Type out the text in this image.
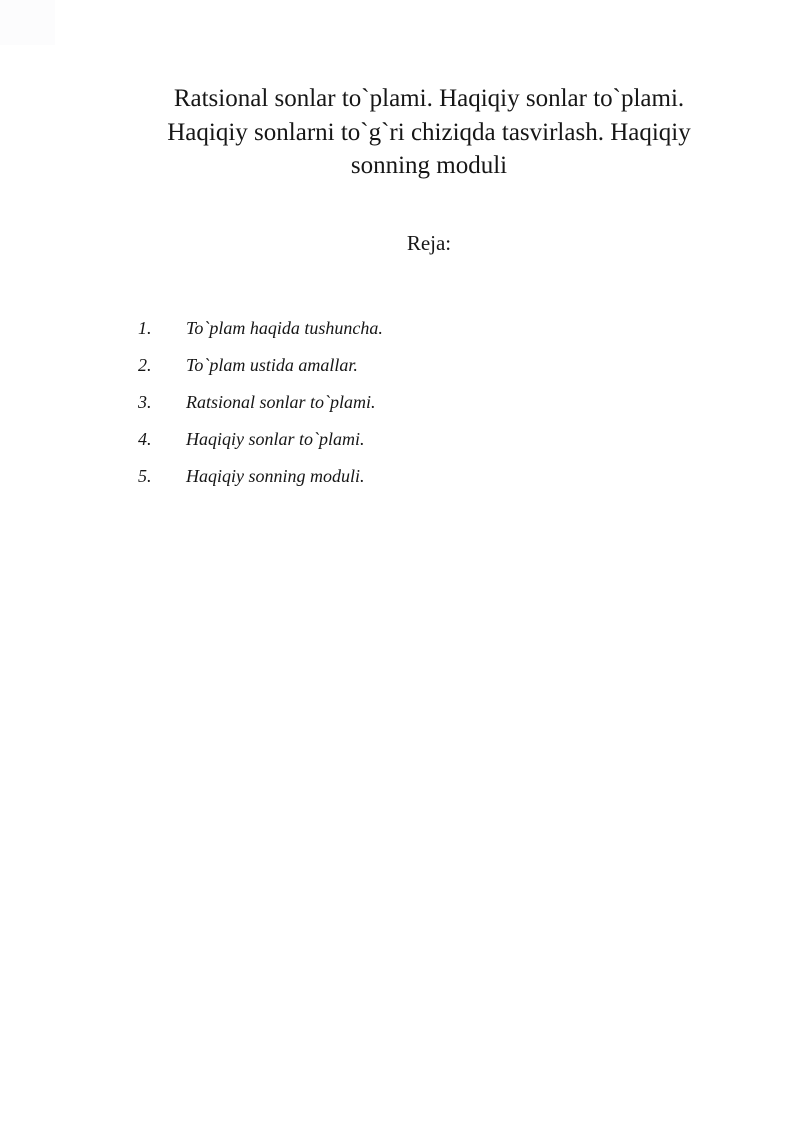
Ratsional sonlar to`plami. Haqiqiy sonlar to`plami.
Haqiqiy sonlarni to`g`ri chiziqda tasvirlash. Haqiqiy
sonning moduli
Reja:
1.	To`plam haqida tushuncha.
2.	To`plam ustida amallar.
3.	Ratsional sonlar to`plami.
4.	Haqiqiy sonlar to`plami.
5.	Haqiqiy sonning moduli.
